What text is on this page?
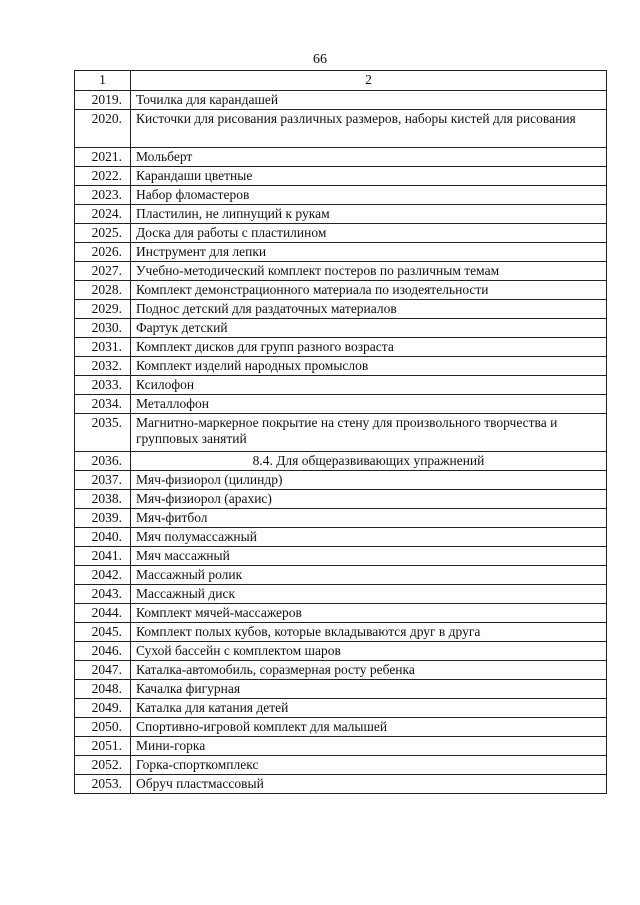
66
1	2
2019.	Точилка для карандашей
2020.	Кисточки для рисования различных размеров, наборы кистей для рисования
2021.	Мольберт
2022.	Карандаши цветные
2023.	Набор фломастеров
2024.	Пластилин, не липнущий к рукам
2025.	Доска для работы с пластилином
2026.	Инструмент для лепки
2027.	Учебно-методический комплект постеров по различным темам
2028.	Комплект демонстрационного материала по изодеятельности
2029.	Поднос детский для раздаточных материалов
2030.	Фартук детский
2031.	Комплект дисков для групп разного возраста
2032.	Комплект изделий народных промыслов
2033.	Ксилофон
2034.	Металлофон
2035.	Магнитно-маркерное покрытие на стену для произвольного творчества и групповых занятий
2036.	8.4. Для общеразвивающих упражнений
2037.	Мяч-физиорол (цилиндр)
2038.	Мяч-физиорол (арахис)
2039.	Мяч-фитбол
2040.	Мяч полумассажный
2041.	Мяч массажный
2042.	Массажный ролик
2043.	Массажный диск
2044.	Комплект мячей-массажеров
2045.	Комплект полых кубов, которые вкладываются друг в друга
2046.	Сухой бассейн с комплектом шаров
2047.	Каталка-автомобиль, соразмерная росту ребенка
2048.	Качалка фигурная
2049.	Каталка для катания детей
2050.	Спортивно-игровой комплект для малышей
2051.	Мини-горка
2052.	Горка-спорткомплекс
2053.	Обруч пластмассовый
